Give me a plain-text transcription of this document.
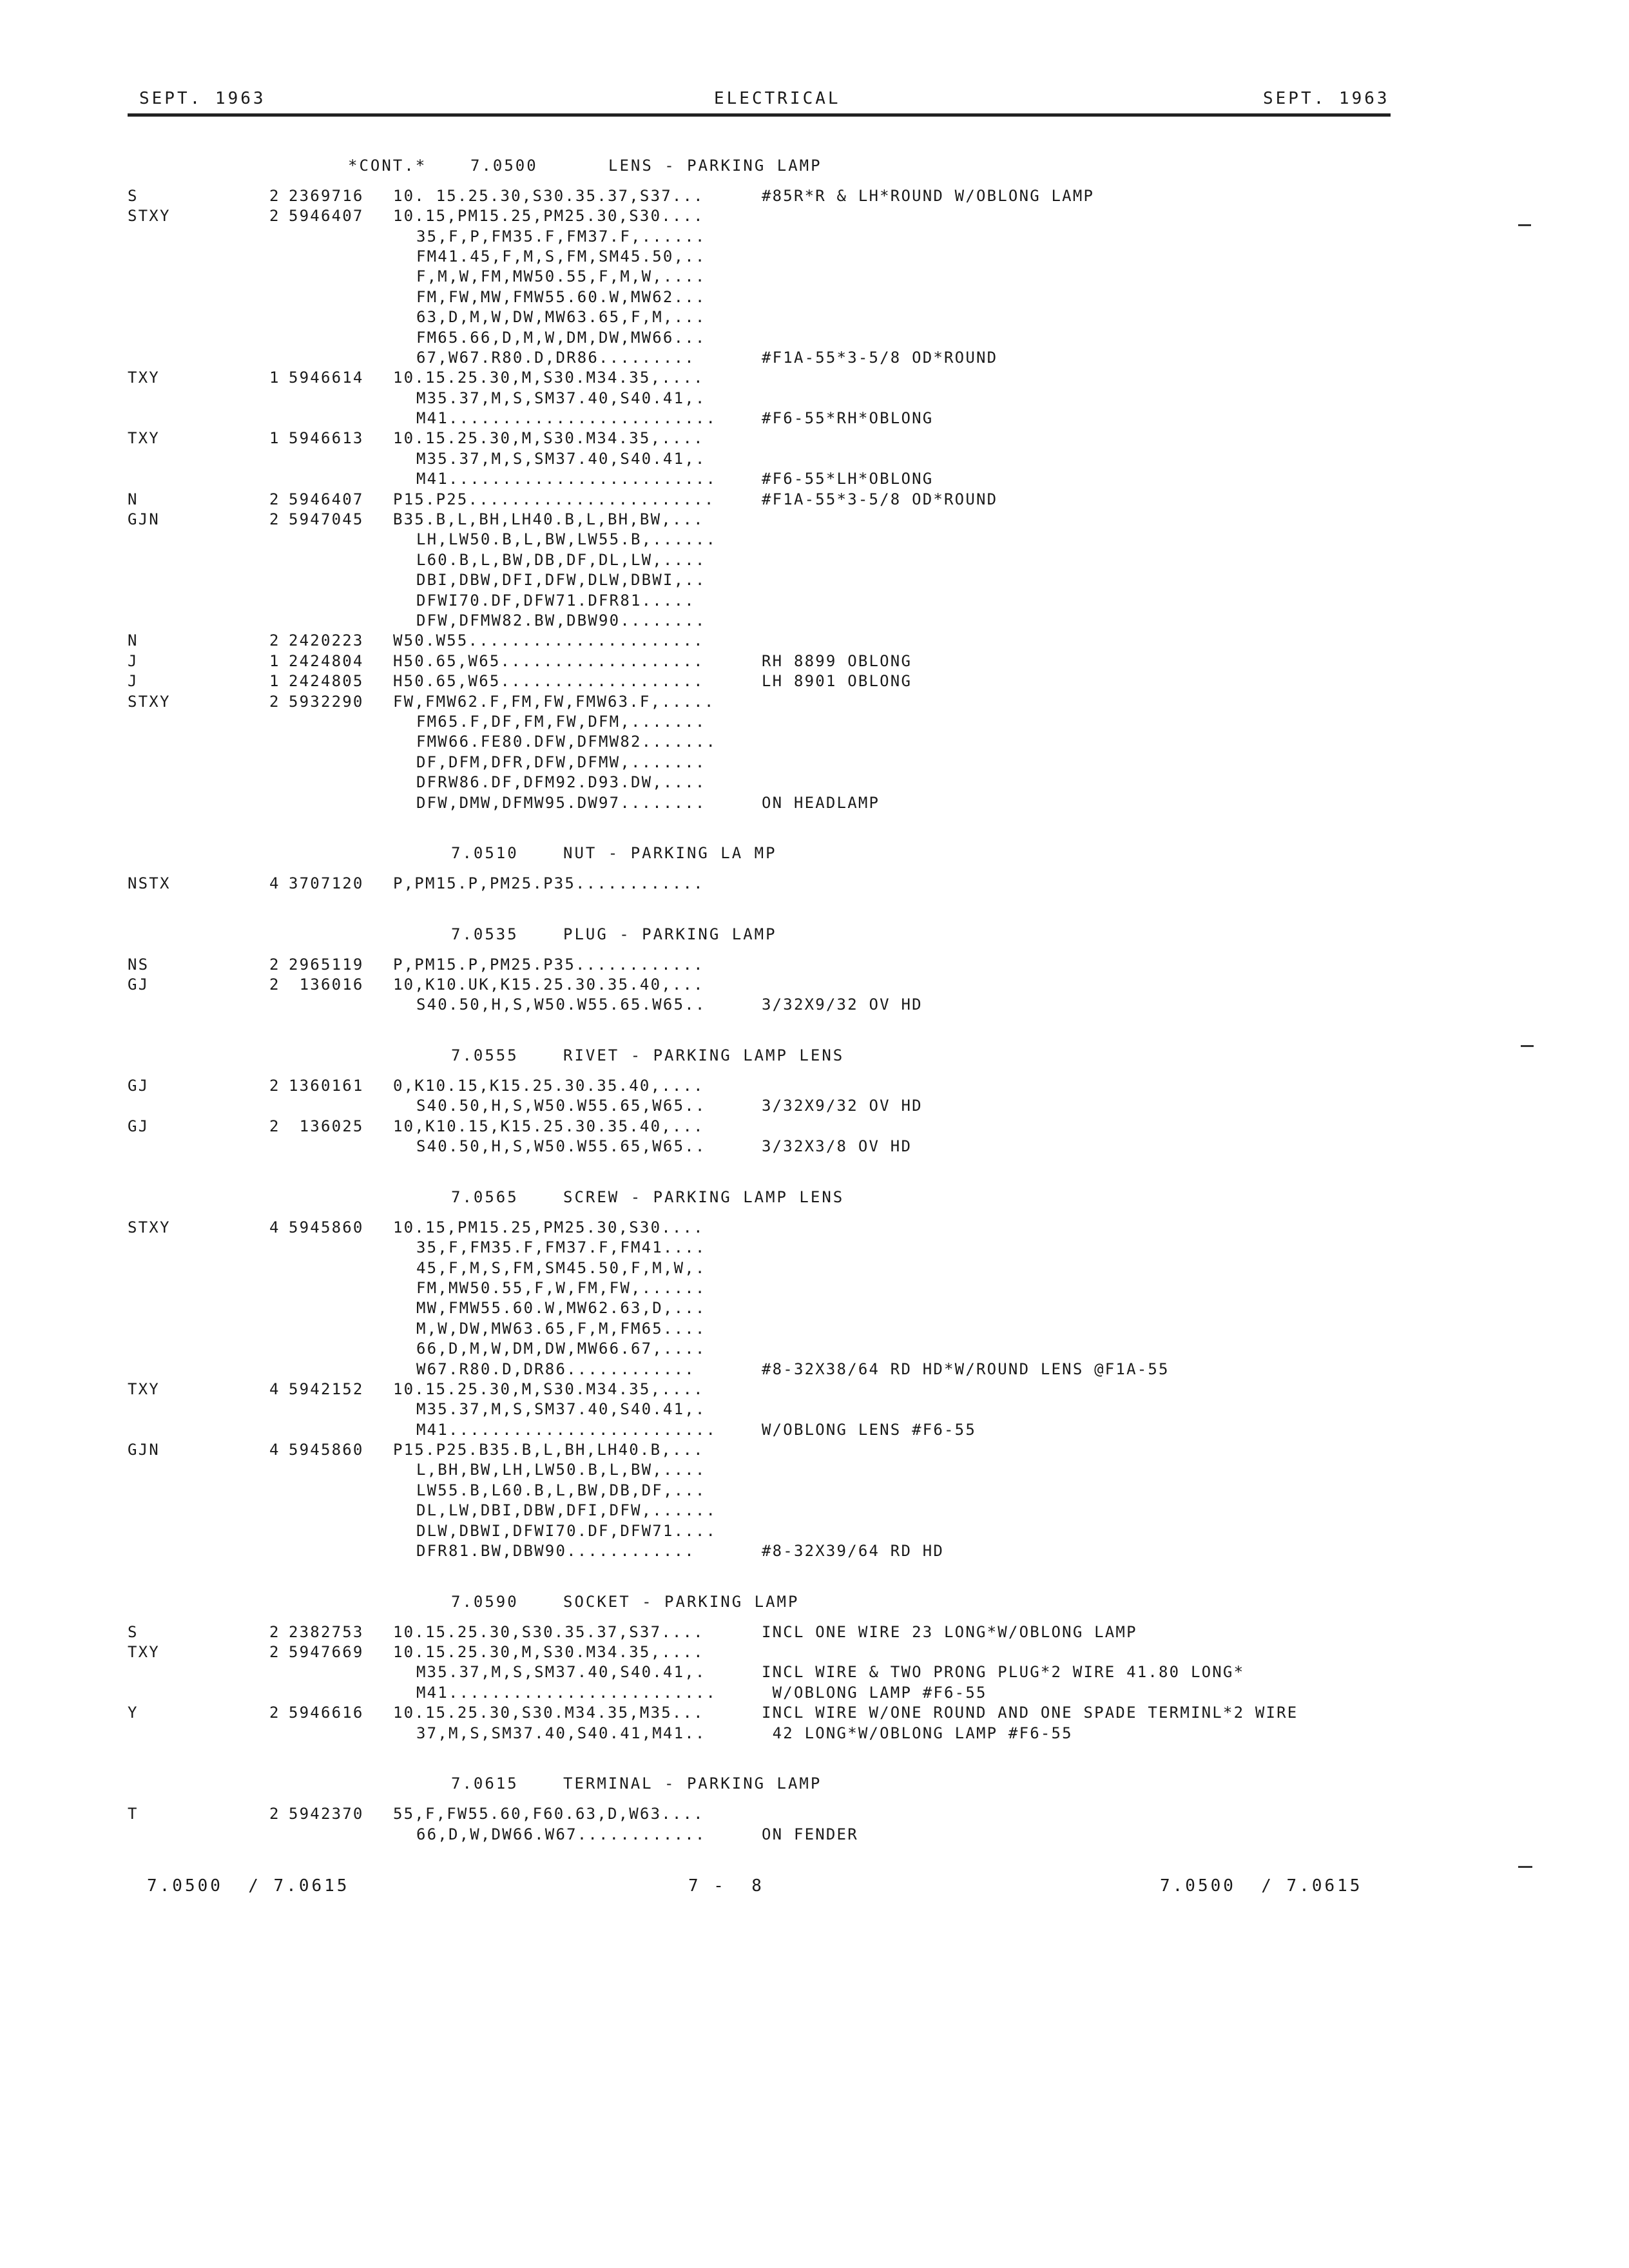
SEPT. 1963	ELECTRICAL	SEPT. 1963
*CONT.*	7.0500	LENS - PARKING LAMP
S	2 2369716 10. 15.25.30,S30.35.37,S37...	#85R*R & LH*ROUND W/OBLONG LAMP
STXY	2 5946407 10.15,PM15.25,PM25.30,S30....
35,F,P,FM35.F,FM37.F,......
FM41.45,F,M,S,FM,SM45.50,..
F,M,W,FM,MW50.55,F,M,W,....
FM,FW,MW,FMW55.60.W,MW62...
63,D,M,W,DW,MW63.65,F,M,...
FM65.66,D,M,W,DM,DW,MW66...
67,W67.R80.D,DR86.........	#F1A-55*3-5/8 OD*ROUND
TXY	1 5946614 10.15.25.30,M,S30.M34.35,....
M35.37,M,S,SM37.40,S40.41,.
M41.........................	#F6-55*RH*OBLONG
TXY	1 5946613 10.15.25.30,M,S30.M34.35,....
M35.37,M,S,SM37.40,S40.41,.
M41.........................	#F6-55*LH*OBLONG
N	2 5946407 P15.P25.......................	#F1A-55*3-5/8 OD*ROUND
GJN	2 5947045 B35.B,L,BH,LH40.B,L,BH,BW,...
LH,LW50.B,L,BW,LW55.B,......
L60.B,L,BW,DB,DF,DL,LW,....
DBI,DBW,DFI,DFW,DLW,DBWI,..
DFWI70.DF,DFW71.DFR81.....
DFW,DFMW82.BW,DBW90........
N	2 2420223 W50.W55......................
J	1 2424804 H50.65,W65...................	RH 8899 OBLONG
J	1 2424805 H50.65,W65...................	LH 8901 OBLONG
STXY	2 5932290 FW,FMW62.F,FM,FW,FMW63.F,.....
FM65.F,DF,FM,FW,DFM,.......
FMW66.FE80.DFW,DFMW82.......
DF,DFM,DFR,DFW,DFMW,.......
DFRW86.DF,DFM92.D93.DW,....
DFW,DMW,DFMW95.DW97........	ON HEADLAMP
7.0510	NUT - PARKING LA MP
NSTX	4 3707120 P,PM15.P,PM25.P35............
7.0535	PLUG - PARKING LAMP
NS	2 2965119 P,PM15.P,PM25.P35............
GJ	2 136016 10,K10.UK,K15.25.30.35.40,...
S40.50,H,S,W50.W55.65.W65..	3/32X9/32 OV HD
7.0555	RIVET - PARKING LAMP LENS
GJ	2 1360161 0,K10.15,K15.25.30.35.40,....
S40.50,H,S,W50.W55.65,W65..	3/32X9/32 OV HD
GJ	2 136025 10,K10.15,K15.25.30.35.40,...
S40.50,H,S,W50.W55.65,W65..	3/32X3/8 OV HD
7.0565	SCREW - PARKING LAMP LENS
STXY	4 5945860 10.15,PM15.25,PM25.30,S30....
35,F,FM35.F,FM37.F,FM41....
45,F,M,S,FM,SM45.50,F,M,W,.
FM,MW50.55,F,W,FM,FW,......
MW,FMW55.60.W,MW62.63,D,...
M,W,DW,MW63.65,F,M,FM65....
66,D,M,W,DM,DW,MW66.67,....
W67.R80.D,DR86............	#8-32X38/64 RD HD*W/ROUND LENS @F1A-55
TXY	4 5942152 10.15.25.30,M,S30.M34.35,....
M35.37,M,S,SM37.40,S40.41,.
M41.........................	W/OBLONG LENS #F6-55
GJN	4 5945860 P15.P25.B35.B,L,BH,LH40.B,...
L,BH,BW,LH,LW50.B,L,BW,....
LW55.B,L60.B,L,BW,DB,DF,...
DL,LW,DBI,DBW,DFI,DFW,......
DLW,DBWI,DFWI70.DF,DFW71....
DFR81.BW,DBW90............	#8-32X39/64 RD HD
7.0590	SOCKET - PARKING LAMP
S	2 2382753 10.15.25.30,S30.35.37,S37....	INCL ONE WIRE 23 LONG*W/OBLONG LAMP
TXY	2 5947669 10.15.25.30,M,S30.M34.35,....
M35.37,M,S,SM37.40,S40.41,.	INCL WIRE & TWO PRONG PLUG*2 WIRE 41.80 LONG*
M41.........................	W/OBLONG LAMP #F6-55
Y	2 5946616 10.15.25.30,S30.M34.35,M35...	INCL WIRE W/ONE ROUND AND ONE SPADE TERMINL*2 WIRE
37,M,S,SM37.40,S40.41,M41..	42 LONG*W/OBLONG LAMP #F6-55
7.0615	TERMINAL - PARKING LAMP
T	2 5942370 55,F,FW55.60,F60.63,D,W63....
66,D,W,DW66.W67............	ON FENDER
7.0500  / 7.0615	7 -  8	7.0500  / 7.0615
